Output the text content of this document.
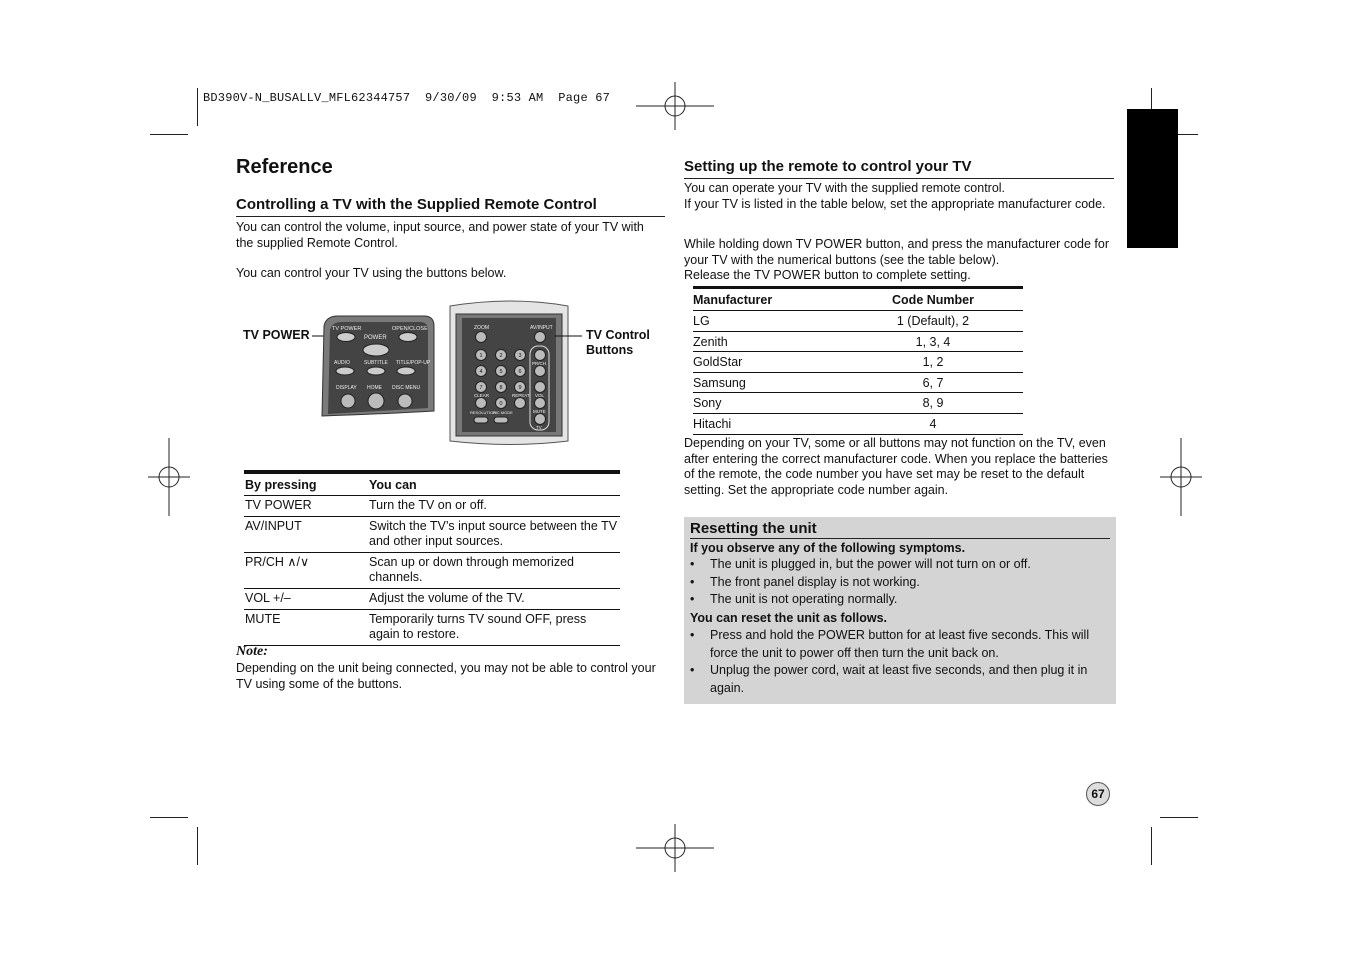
BD390V-N_BUSALLV_MFL62344757  9/30/09  9:53 AM  Page 67
Reference
Controlling a TV with the Supplied Remote Control
You can control the volume, input source, and power state of your TV with the supplied Remote Control.
You can control your TV using the buttons below.
TV POWER	TV Control Buttons
TV POWER	OPEN/CLOSE
POWER
AUDIO	SUBTITLE TITLE/POP-UP
DISPLAY HOME DISC MENU
ZOOM	AV/INPUT
1	2	3
4	5	6
7	8	9
0
CLEAR	REPEAT
RESOLUTION
PIC MODE
PR/CH
VOL
MUTE
TV
By pressing	You can
TV POWER	Turn the TV on or off.
AV/INPUT	Switch the TV’s input source between the TV and other input sources.
PR/CH ∧/∨	Scan up or down through memorized channels.
VOL +/–	Adjust the volume of the TV.
MUTE	Temporarily turns TV sound OFF, press again to restore.
Note:
Depending on the unit being connected, you may not be able to control your TV using some of the buttons.
Setting up the remote to control your TV
You can operate your TV with the supplied remote control.
If your TV is listed in the table below, set the appropriate manufacturer code.
While holding down TV POWER button, and press the manufacturer code for your TV with the numerical buttons (see the table below).
Release the TV POWER button to complete setting.
Manufacturer	Code Number
LG	1 (Default), 2
Zenith	1, 3, 4
GoldStar	1, 2
Samsung	6, 7
Sony	8, 9
Hitachi	4
Depending on your TV, some or all buttons may not function on the TV, even after entering the correct manufacturer code. When you replace the batteries of the remote, the code number you have set may be reset to the default setting. Set the appropriate code number again.
Resetting the unit
If you observe any of the following symptoms.
• The unit is plugged in, but the power will not turn on or off.
• The front panel display is not working.
• The unit is not operating normally.
You can reset the unit as follows.
• Press and hold the POWER button for at least five seconds. This will force the unit to power off then turn the unit back on.
• Unplug the power cord, wait at least five seconds, and then plug it in again.
67
